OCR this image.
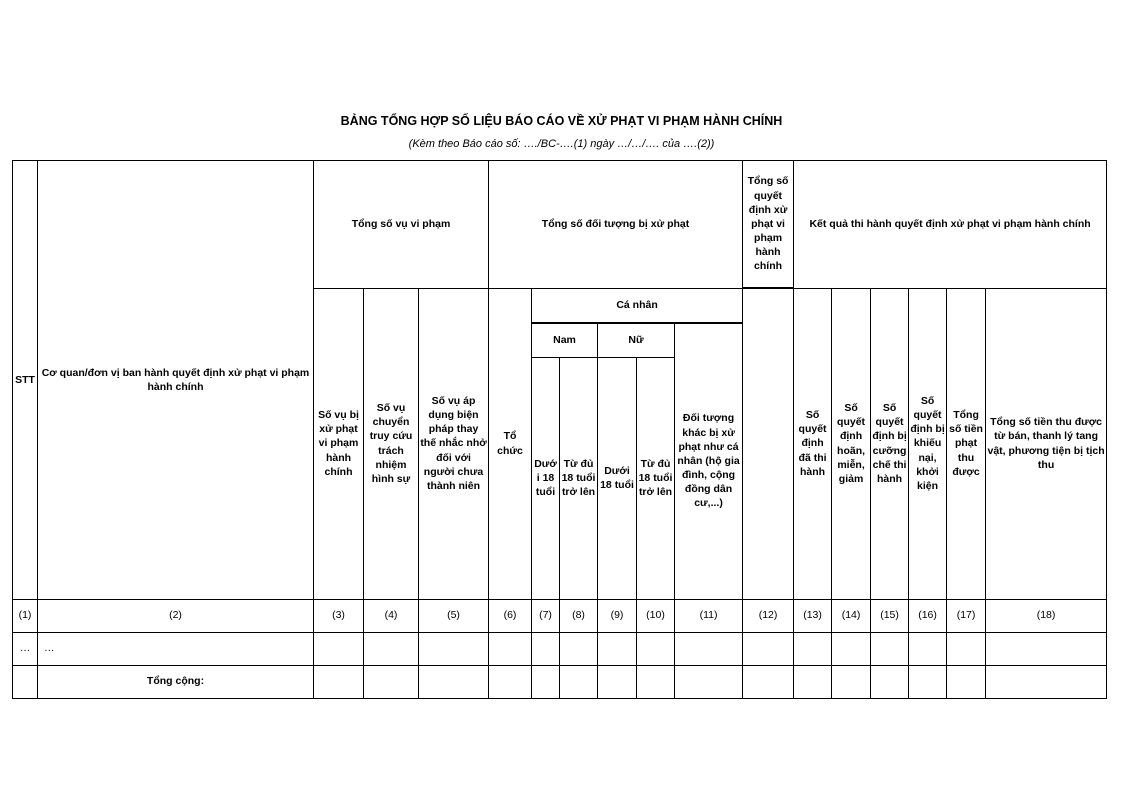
BẢNG TỔNG HỢP SỐ LIỆU BÁO CÁO VỀ XỬ PHẠT VI PHẠM HÀNH CHÍNH
(Kèm theo Báo cáo số: …./BC-….(1) ngày …/…/…. của ….(2))
STT	Cơ quan/đơn vị ban hành quyết định xử phạt vi phạm hành chính	Tổng số vụ vi phạm			Tổng số đối tượng bị xử phạt						Tổng số quyết định xử phạt vi phạm hành chính	Kết quả thi hành quyết định xử phạt vi phạm hành chính					
		Số vụ bị xử phạt vi phạm hành chính	Số vụ chuyển truy cứu trách nhiệm hình sự	Số vụ áp dụng biện pháp thay thế nhắc nhở đối với người chưa thành niên	Tổ chức	Cá nhân						Số quyết định đã thi hành	Số quyết định hoãn, miễn, giảm	Số quyết định bị cưỡng chế thi hành	Số quyết định bị khiếu nại, khởi kiện	Tổng số tiền phạt thu được	Tổng số tiền thu được từ bán, thanh lý tang vật, phương tiện bị tịch thu
						Nam		Nữ		Đối tượng khác bị xử phạt như cá nhân (hộ gia đình, cộng đồng dân cư,...)							
						Dưới 18 tuổi	Từ đủ 18 tuổi trở lên	Dưới 18 tuổi	Từ đủ 18 tuổi trở lên								
(1)	(2)	(3)	(4)	(5)	(6)	(7)	(8)	(9)	(10)	(11)	(12)	(13)	(14)	(15)	(16)	(17)	(18)
…	…																
	Tổng cộng:																
